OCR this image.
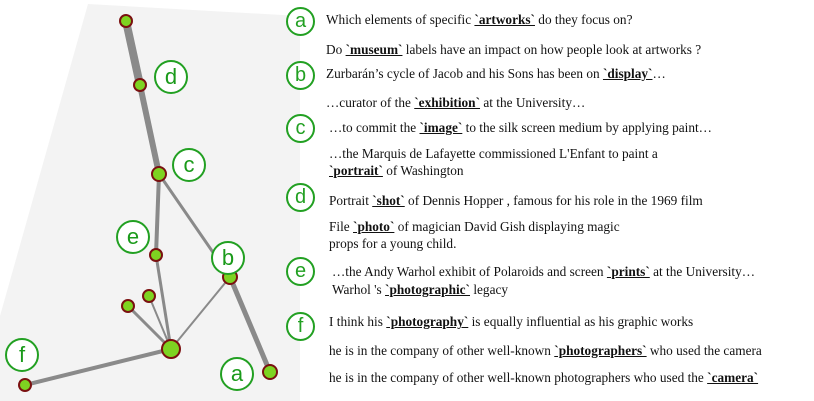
a
b
c
d
e
f
a	Which elements of specific `artworks` do they focus on?
Do `museum` labels have an impact on how people look at artworks ?
b	Zurbarán’s cycle of Jacob and his Sons has been on `display`…
…curator of the `exhibition` at the University…
c	…to commit the `image` to the silk screen medium by applying paint…
…the Marquis de Lafayette commissioned L'Enfant to paint a
`portrait` of Washington
d	Portrait `shot` of Dennis Hopper , famous for his role in the 1969 film
File `photo` of magician David Gish displaying magic
props for a young child.
e	…the Andy Warhol exhibit of Polaroids and screen `prints` at the University…
Warhol 's `photographic` legacy
f	I think his `photography` is equally influential as his graphic works
he is in the company of other well-known `photographers` who used the camera
he is in the company of other well-known photographers who used the `camera`
